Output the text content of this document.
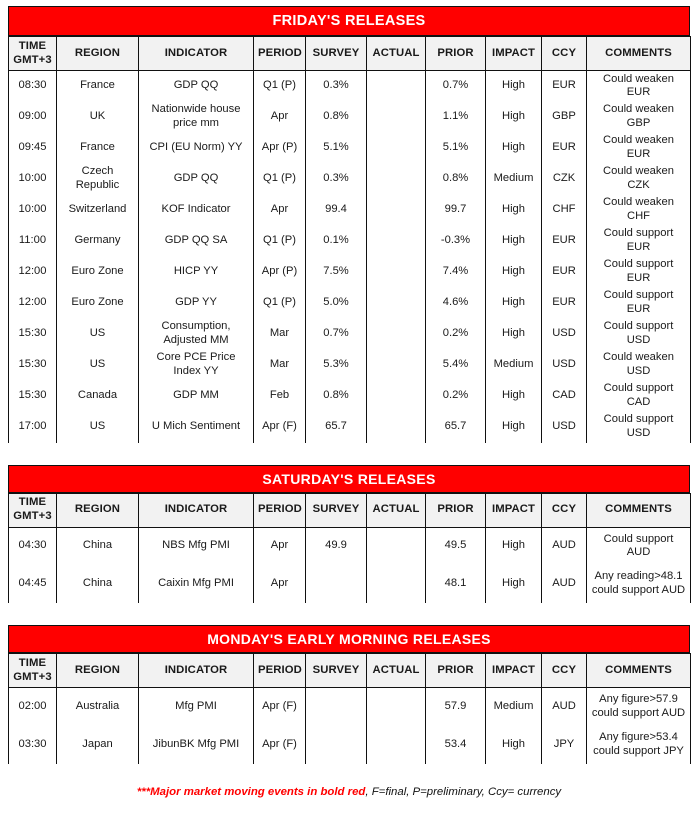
FRIDAY'S RELEASES
TIME
GMT+3	REGION	INDICATOR	PERIOD	SURVEY	ACTUAL	PRIOR	IMPACT	CCY	COMMENTS
08:30	France	GDP QQ	Q1 (P)	0.3%		0.7%	High	EUR	Could weaken EUR
09:00	UK	Nationwide house price mm	Apr	0.8%		1.1%	High	GBP	Could weaken GBP
09:45	France	CPI (EU Norm) YY	Apr (P)	5.1%		5.1%	High	EUR	Could weaken EUR
10:00	Czech Republic	GDP QQ	Q1 (P)	0.3%		0.8%	Medium	CZK	Could weaken CZK
10:00	Switzerland	KOF Indicator	Apr	99.4		99.7	High	CHF	Could weaken CHF
11:00	Germany	GDP QQ SA	Q1 (P)	0.1%		-0.3%	High	EUR	Could support EUR
12:00	Euro Zone	HICP YY	Apr (P)	7.5%		7.4%	High	EUR	Could support EUR
12:00	Euro Zone	GDP YY	Q1 (P)	5.0%		4.6%	High	EUR	Could support EUR
15:30	US	Consumption, Adjusted MM	Mar	0.7%		0.2%	High	USD	Could support USD
15:30	US	Core PCE Price Index YY	Mar	5.3%		5.4%	Medium	USD	Could weaken USD
15:30	Canada	GDP MM	Feb	0.8%		0.2%	High	CAD	Could support CAD
17:00	US	U Mich Sentiment	Apr (F)	65.7		65.7	High	USD	Could support USD
SATURDAY'S RELEASES
TIME
GMT+3	REGION	INDICATOR	PERIOD	SURVEY	ACTUAL	PRIOR	IMPACT	CCY	COMMENTS
04:30	China	NBS Mfg PMI	Apr	49.9		49.5	High	AUD	Could support AUD
04:45	China	Caixin Mfg PMI	Apr			48.1	High	AUD	Any reading>48.1 could support AUD
MONDAY'S EARLY MORNING RELEASES
TIME
GMT+3	REGION	INDICATOR	PERIOD	SURVEY	ACTUAL	PRIOR	IMPACT	CCY	COMMENTS
02:00	Australia	Mfg PMI	Apr (F)			57.9	Medium	AUD	Any figure>57.9 could support AUD
03:30	Japan	JibunBK Mfg PMI	Apr (F)			53.4	High	JPY	Any figure>53.4 could support JPY
***Major market moving events in bold red, F=final, P=preliminary, Ccy= currency
